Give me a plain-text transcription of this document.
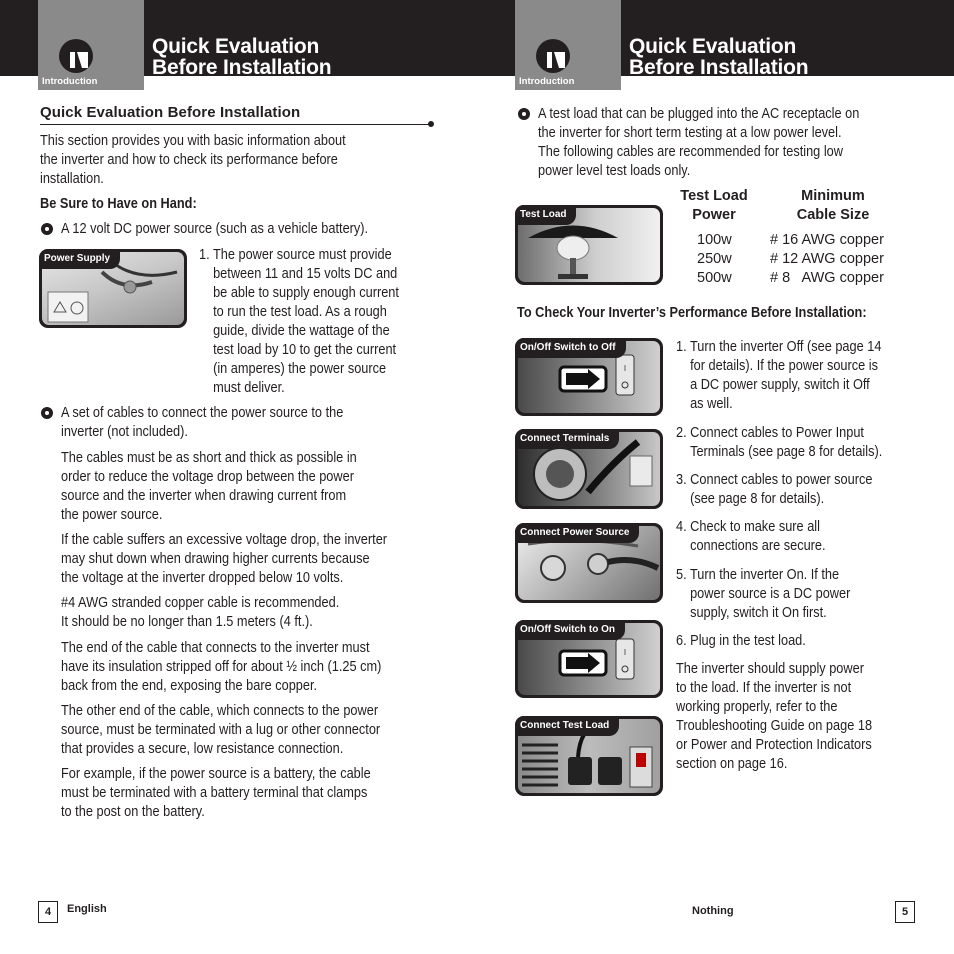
Introduction	Introduction
Quick Evaluation
Before Installation
Quick Evaluation
Before Installation
Quick Evaluation Before Installation
This section provides you with basic information about
the inverter and how to check its performance before
installation.
Be Sure to Have on Hand:
A 12 volt DC power source (such as a vehicle battery).
Power Supply	1. The power source must provide
between 11 and 15 volts DC and
be able to supply enough current
to run the test load. As a rough
guide, divide the wattage of the
test load by 10 to get the current
(in amperes) the power source
must deliver.
A set of cables to connect the power source to the
inverter (not included).
The cables must be as short and thick as possible in
order to reduce the voltage drop between the power
source and the inverter when drawing current from
the power source.
If the cable suffers an excessive voltage drop, the inverter
may shut down when drawing higher currents because
the voltage at the inverter dropped below 10 volts.
#4 AWG stranded copper cable is recommended.
It should be no longer than 1.5 meters (4 ft.).
The end of the cable that connects to the inverter must
have its insulation stripped off for about ½ inch (1.25 cm)
back from the end, exposing the bare copper.
The other end of the cable, which connects to the power
source, must be terminated with a lug or other connector
that provides a secure, low resistance connection.
For example, if the power source is a battery, the cable
must be terminated with a battery terminal that clamps
to the post on the battery.
A test load that can be plugged into the AC receptacle on
the inverter for short term testing at a low power level.
The following cables are recommended for testing low
power level test loads only.
Test Load
Test Load
Power
Minimum
Cable Size
100w	# 16 AWG copper
250w	# 12 AWG copper
500w	# 8   AWG copper
To Check Your Inverter’s Performance Before Installation:
On/Off Switch to Off
I
Connect Terminals
Connect Power Source
On/Off Switch to On
I
Connect Test Load
1. Turn the inverter Off (see page 14
for details). If the power source is
a DC power supply, switch it Off
as well.
2. Connect cables to Power Input
Terminals (see page 8 for details).
3. Connect cables to power source
(see page 8 for details).
4. Check to make sure all
connections are secure.
5. Turn the inverter On. If the
power source is a DC power
supply, switch it On first.
6. Plug in the test load.
The inverter should supply power
to the load. If the inverter is not
working properly, refer to the
Troubleshooting Guide on page 18
or Power and Protection Indicators
section on page 16.
4	English	Nothing	5
